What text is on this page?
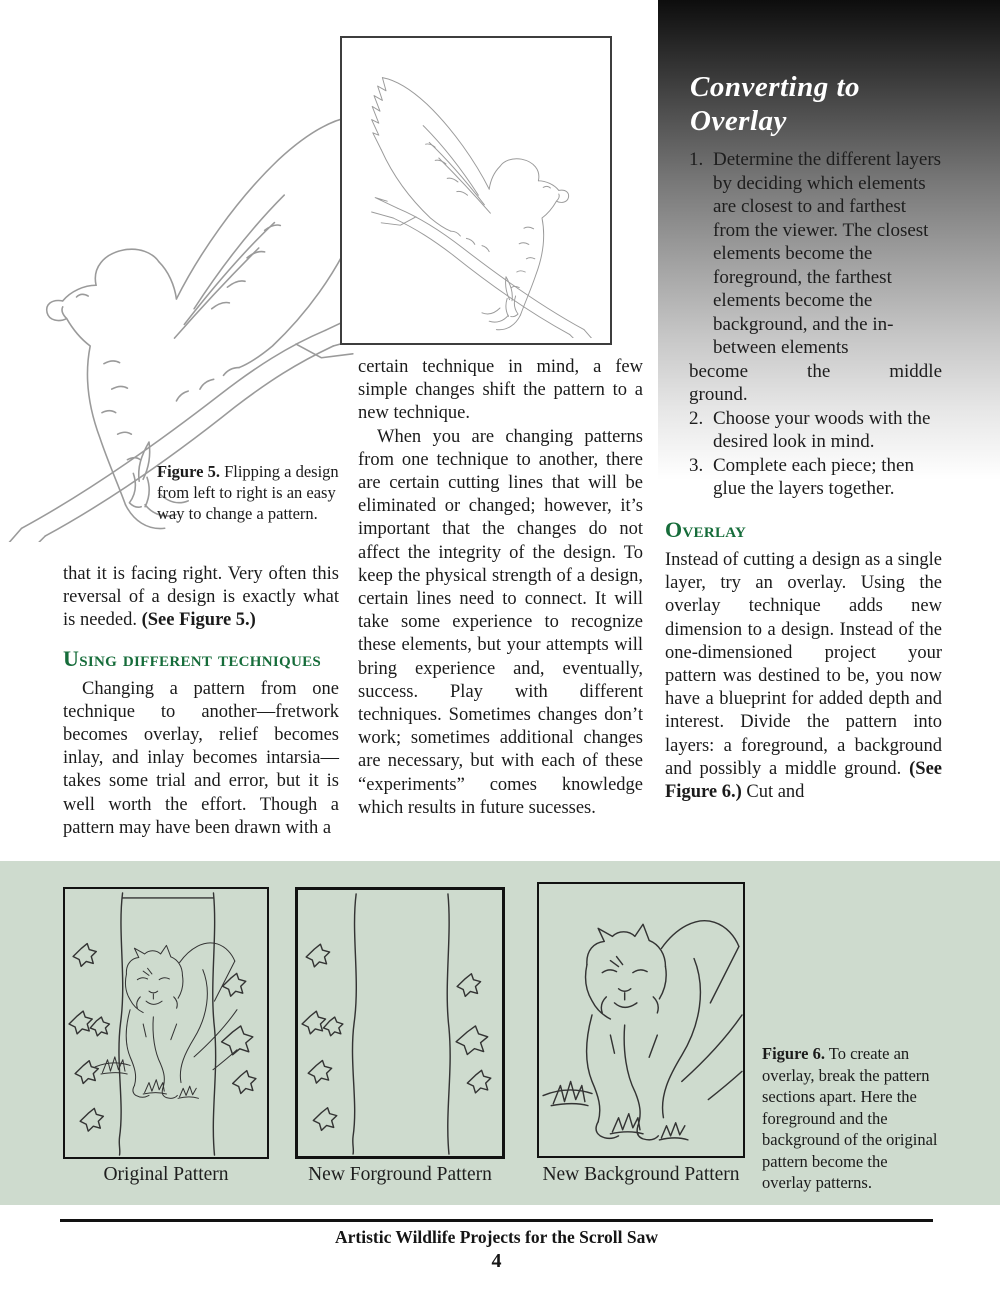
Figure 5. Flipping a design from left to right is an easy way to change a pattern.

that it is facing right. Very often this reversal of a design is exactly what is needed. (See Figure 5.)

Using different techniques

Changing a pattern from one technique to another—fretwork becomes overlay, relief becomes inlay, and inlay becomes intarsia—takes some trial and error, but it is well worth the effort. Though a pattern may have been drawn with a

certain technique in mind, a few simple changes shift the pattern to a new technique.

When you are changing patterns from one technique to another, there are certain cutting lines that will be eliminated or changed; however, it’s important that the changes do not affect the integrity of the design. To keep the physical strength of a design, certain lines need to connect. It will take some experience to recognize these elements, but your attempts will bring experience and, eventually, success. Play with different techniques. Sometimes changes don’t work; sometimes additional changes are necessary, but with each of these “experiments” comes knowledge which results in future sucesses.

Converting to
Overlay
1. Determine the different layers by deciding which elements are closest to and farthest from the viewer. The closest elements become the foreground, the farthest elements become the background, and the in-between elements
become the middle
ground.
2. Choose your woods with the desired look in mind.
3. Complete each piece; then glue the layers together.
Overlay

Instead of cutting a design as a single layer, try an overlay. Using the overlay technique adds new dimension to a design. Instead of the one-dimensioned project your pattern was destined to be, you now have a blueprint for added depth and interest. Divide the pattern into layers: a foreground, a background and possibly a middle ground. (See Figure 6.) Cut and

Original Pattern	New Forground Pattern	New Background Pattern
Figure 6. To create an overlay, break the pattern sections apart. Here the foreground and the background of the original pattern become the overlay patterns.
Artistic Wildlife Projects for the Scroll Saw
4
